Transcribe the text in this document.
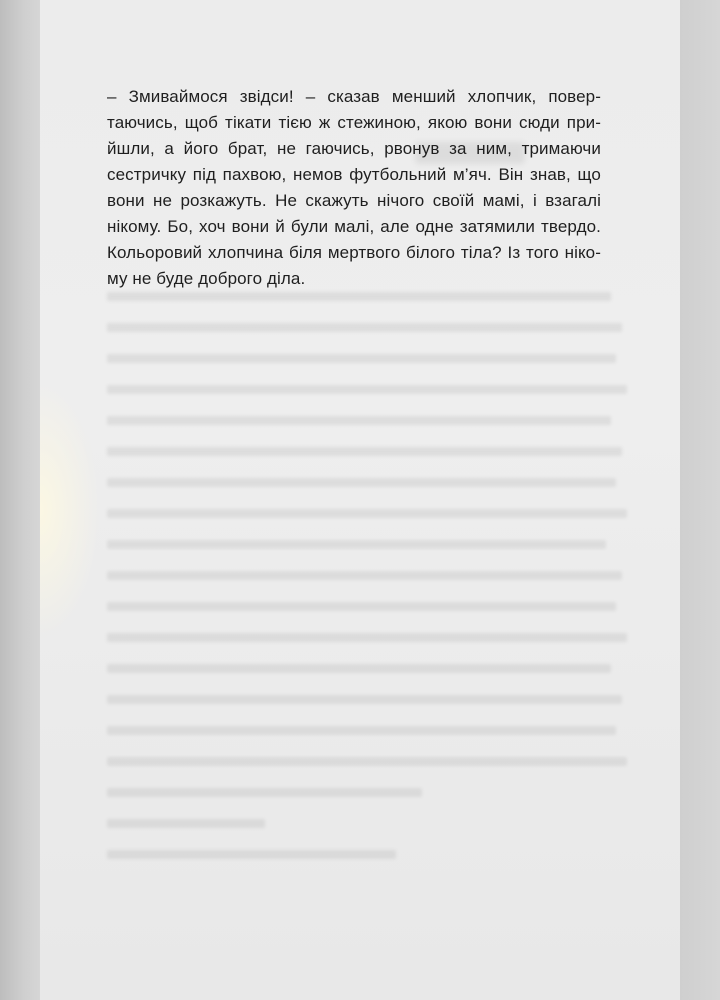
– Змиваймося звідси! – сказав менший хлопчик, повер-
таючись, щоб тікати тією ж стежиною, якою вони сюди при-
йшли, а його брат, не гаючись, рвонув за ним, тримаючи
сестричку під пахвою, немов футбольний м’яч. Він знав, що
вони не розкажуть. Не скажуть нічого своїй мамі, і взагалі
нікому. Бо, хоч вони й були малі, але одне затямили твердо.
Кольоровий хлопчина біля мертвого білого тіла? Із того ніко-
му не буде доброго діла.
